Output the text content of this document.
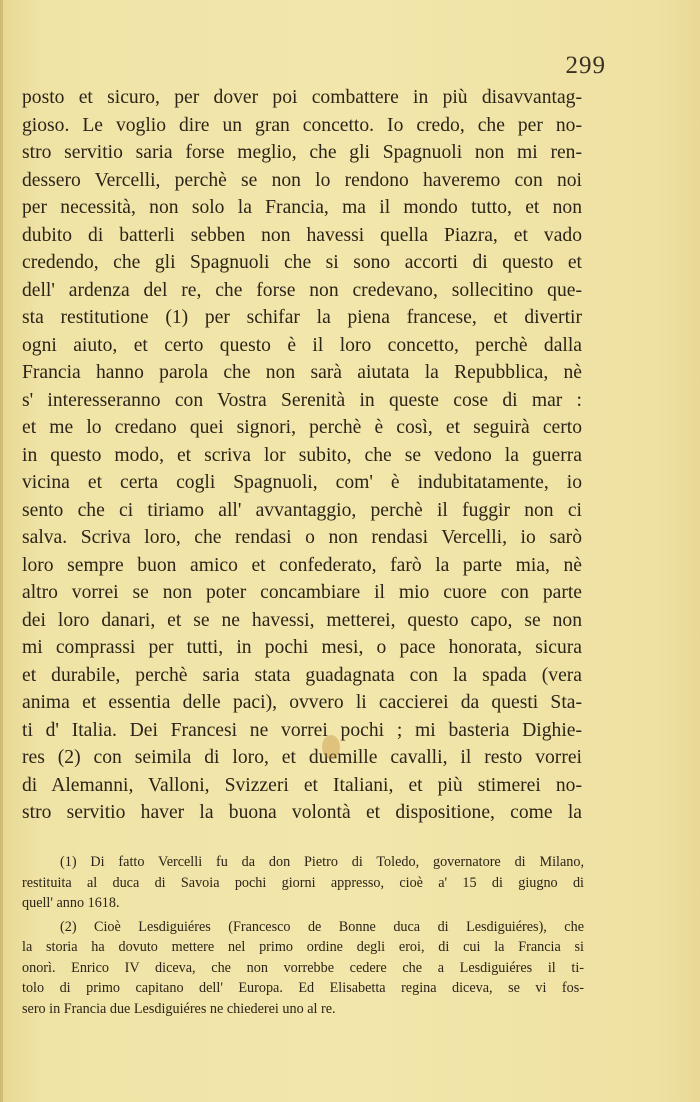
299
posto et sicuro, per dover poi combattere in più disavvantag-
gioso. Le voglio dire un gran concetto. Io credo, che per no-
stro servitio saria forse meglio, che gli Spagnuoli non mi ren-
dessero Vercelli, perchè se non lo rendono haveremo con noi
per necessità, non solo la Francia, ma il mondo tutto, et non
dubito di batterli sebben non havessi quella Piazra, et vado
credendo, che gli Spagnuoli che si sono accorti di questo et
dell' ardenza del re, che forse non credevano, sollecitino que-
sta restitutione (1) per schifar la piena francese, et divertir
ogni aiuto, et certo questo è il loro concetto, perchè dalla
Francia hanno parola che non sarà aiutata la Repubblica, nè
s' interesseranno con Vostra Serenità in queste cose di mar :
et me lo credano quei signori, perchè è così, et seguirà certo
in questo modo, et scriva lor subito, che se vedono la guerra
vicina et certa cogli Spagnuoli, com' è indubitatamente, io
sento che ci tiriamo all' avvantaggio, perchè il fuggir non ci
salva. Scriva loro, che rendasi o non rendasi Vercelli, io sarò
loro sempre buon amico et confederato, farò la parte mia, nè
altro vorrei se non poter concambiare il mio cuore con parte
dei loro danari, et se ne havessi, metterei, questo capo, se non
mi comprassi per tutti, in pochi mesi, o pace honorata, sicura
et durabile, perchè saria stata guadagnata con la spada (vera
anima et essentia delle paci), ovvero li caccierei da questi Sta-
ti d' Italia. Dei Francesi ne vorrei pochi ; mi basteria Dighie-
res (2) con seimila di loro, et duemille cavalli, il resto vorrei
di Alemanni, Valloni, Svizzeri et Italiani, et più stimerei no-
stro servitio haver la buona volontà et dispositione, come la
(1) Di fatto Vercelli fu da don Pietro di Toledo, governatore di Milano,
restituita al duca di Savoia pochi giorni appresso, cioè a' 15 di giugno di
quell' anno 1618.
(2) Cioè Lesdiguiéres (Francesco de Bonne duca di Lesdiguiéres), che
la storia ha dovuto mettere nel primo ordine degli eroi, di cui la Francia si
onorì. Enrico IV diceva, che non vorrebbe cedere che a Lesdiguiéres il ti-
tolo di primo capitano dell' Europa. Ed Elisabetta regina diceva, se vi fos-
sero in Francia due Lesdiguiéres ne chiederei uno al re.
